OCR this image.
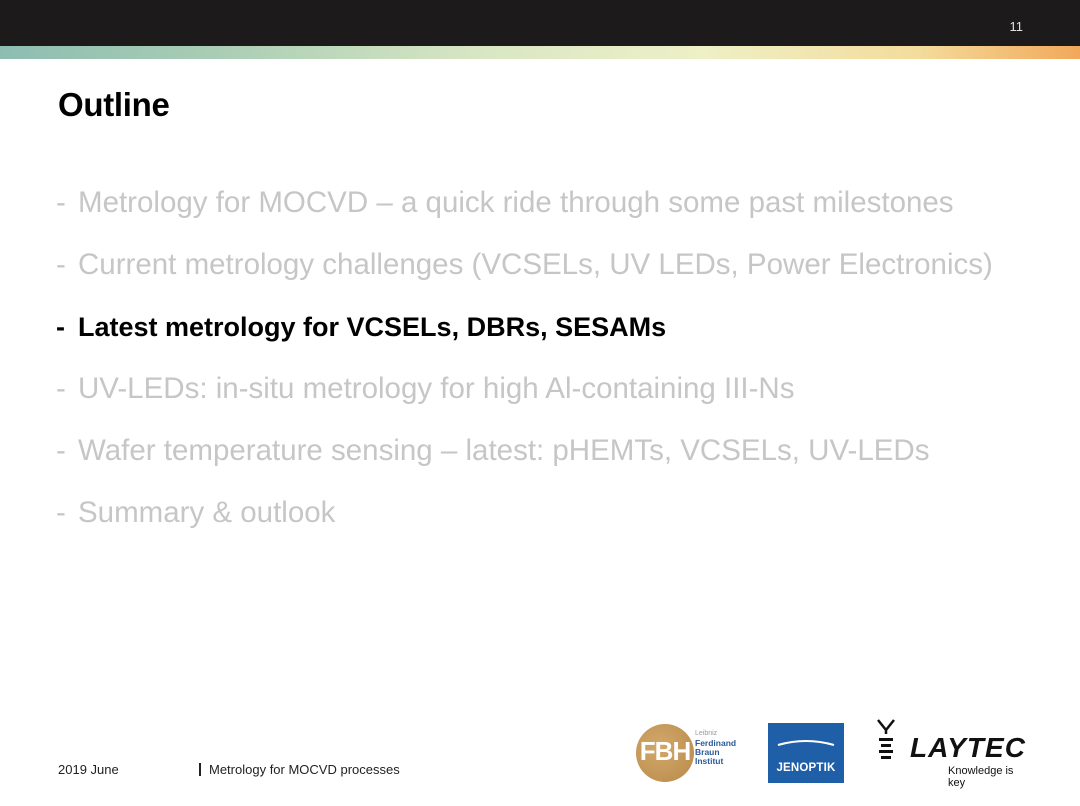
11
Outline
- Metrology for MOCVD – a quick ride through some past milestones
- Current metrology challenges (VCSELs, UV LEDs, Power Electronics)
- Latest metrology for VCSELs, DBRs, SESAMs
- UV-LEDs: in-situ metrology for high Al-containing III-Ns
- Wafer temperature sensing – latest: pHEMTs, VCSELs, UV-LEDs
- Summary & outlook
2019 June	Metrology for MOCVD processes
FBH
Leibniz
Ferdinand
Braun
Institut
JENOPTIK
LAYTEC
Knowledge is key
